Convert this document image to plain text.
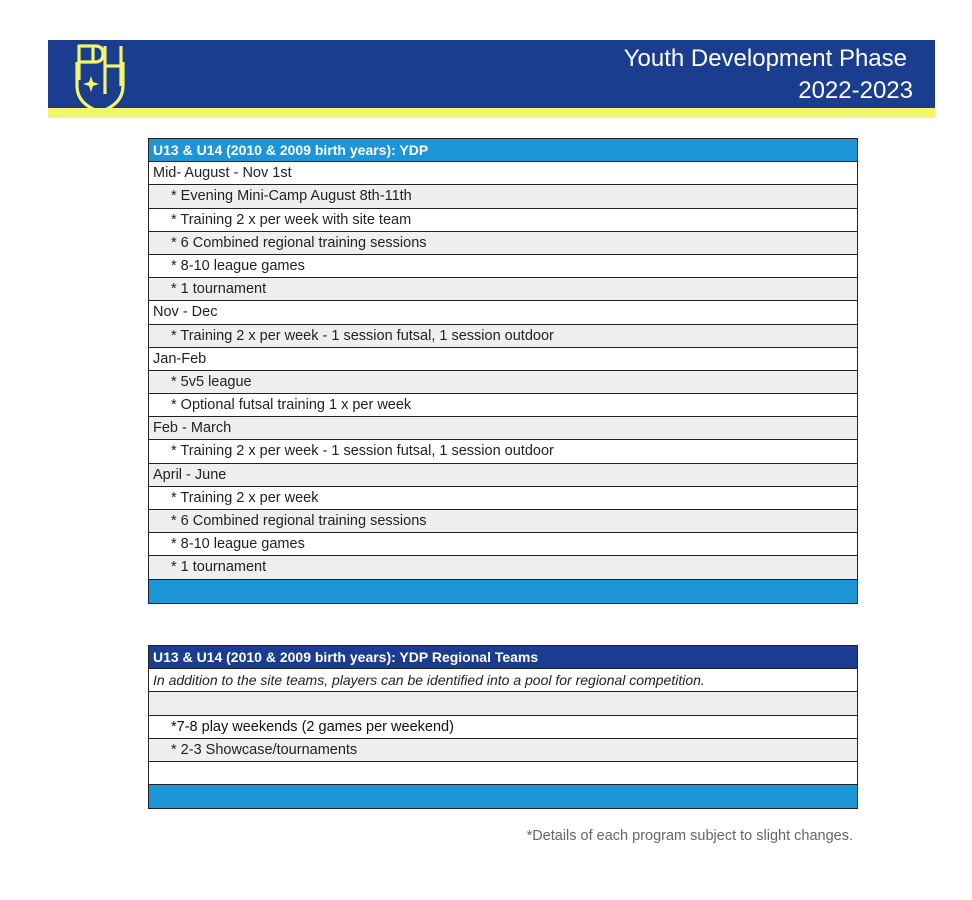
Youth Development Phase
2022-2023
U13 & U14 (2010 & 2009 birth years): YDP
Mid- August - Nov 1st
* Evening Mini-Camp August 8th-11th
* Training 2 x per week with site team
* 6 Combined regional training sessions
* 8-10 league games
* 1 tournament
Nov - Dec
* Training 2 x per week - 1 session futsal, 1 session outdoor
Jan-Feb
* 5v5 league
* Optional futsal training 1 x per week
Feb - March
* Training 2 x per week - 1 session futsal, 1 session outdoor
April - June
* Training 2 x per week
* 6 Combined regional training sessions
* 8-10 league games
* 1 tournament
U13 & U14 (2010 & 2009 birth years): YDP Regional Teams
In addition to the site teams, players can be identified into a pool for regional competition.
*7-8 play weekends (2 games per weekend)
* 2-3 Showcase/tournaments
*Details of each program subject to slight changes.
